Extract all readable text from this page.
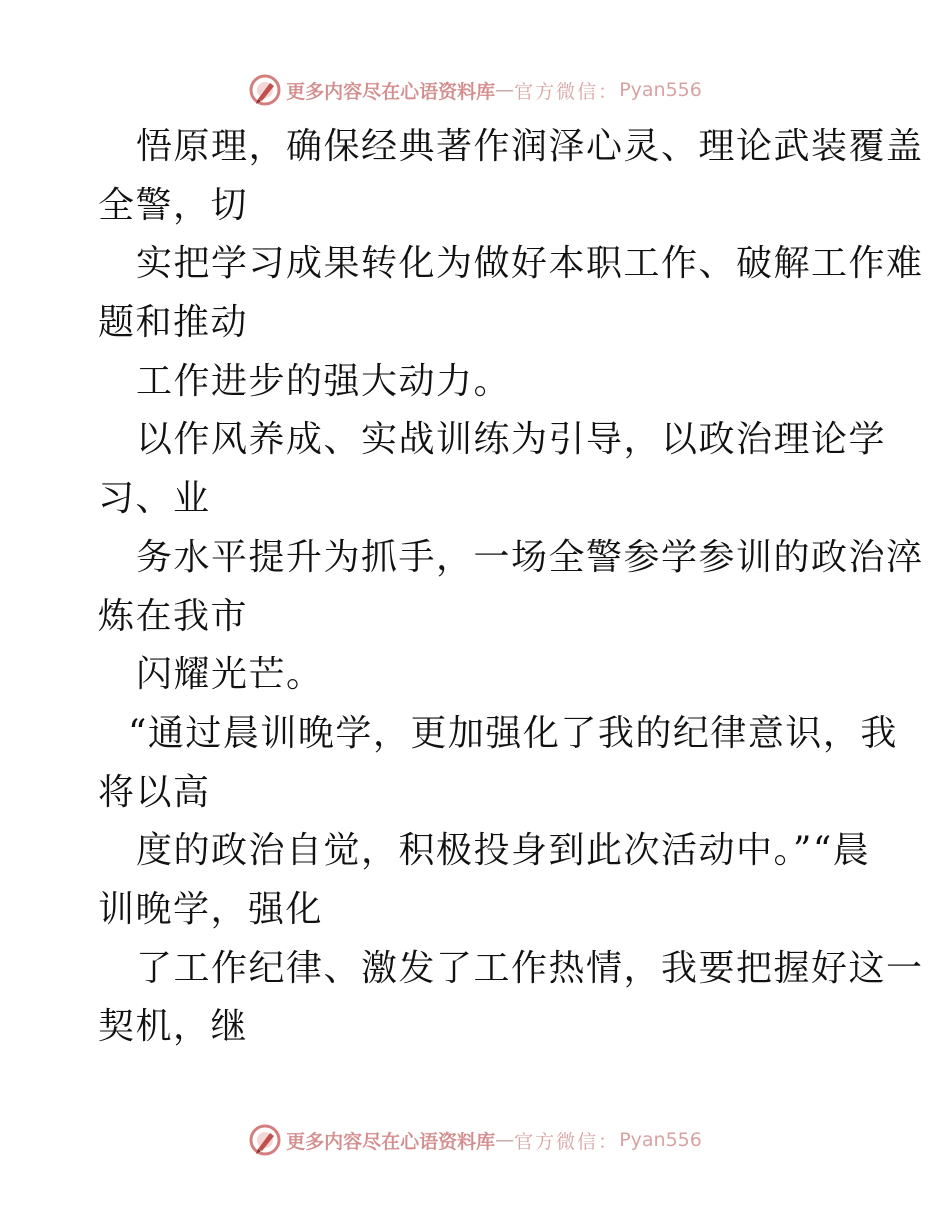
更多内容尽在心语资料库 — 官方微信： Pyan556
悟原理，确保经典著作润泽心灵、理论武装覆盖
全警，切
实把学习成果转化为做好本职工作、破解工作难
题和推动
工作进步的强大动力。
以作风养成、实战训练为引导，以政治理论学
习、业
务水平提升为抓手，一场全警参学参训的政治淬
炼在我市
闪耀光芒。
“通过晨训晚学，更加强化了我的纪律意识，我
将以高
度的政治自觉，积极投身到此次活动中。”“晨
训晚学，强化
了工作纪律、激发了工作热情，我要把握好这一
契机，继
更多内容尽在心语资料库 — 官方微信： Pyan556
